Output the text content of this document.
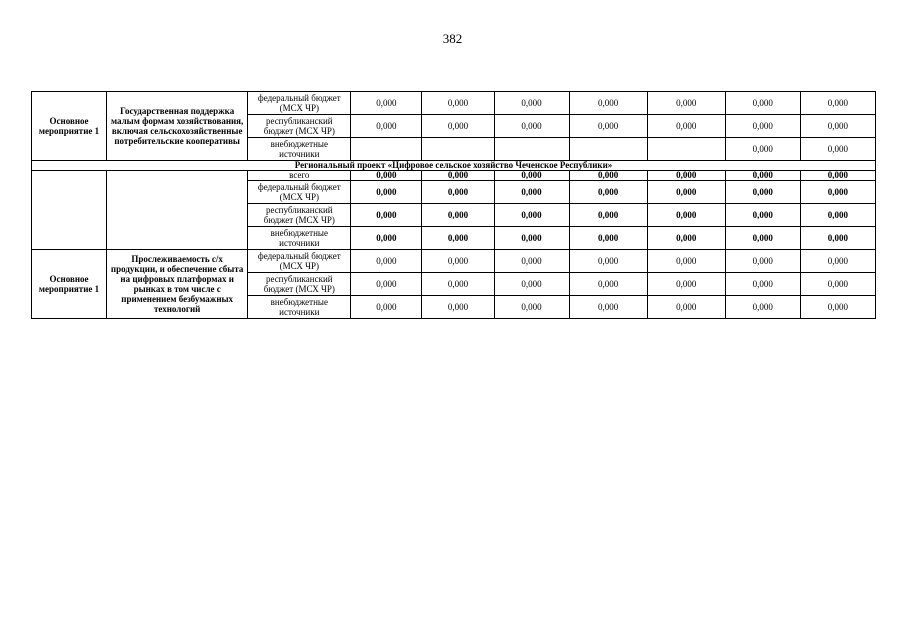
382
Основное мероприятие 1	Государственная поддержка малым формам хозяйствования, включая сельскохозяйственные потребительские кооперативы	федеральный бюджет (МСХ ЧР)	0,000	0,000	0,000	0,000	0,000	0,000	0,000
		республиканский бюджет (МСХ ЧР)	0,000	0,000	0,000	0,000	0,000	0,000	0,000
		внебюджетные источники						0,000	0,000
Региональный проект «Цифровое сельское хозяйство Чеченское Республики»									
		всего	0,000	0,000	0,000	0,000	0,000	0,000	0,000
		федеральный бюджет (МСХ ЧР)	0,000	0,000	0,000	0,000	0,000	0,000	0,000
		республиканский бюджет (МСХ ЧР)	0,000	0,000	0,000	0,000	0,000	0,000	0,000
		внебюджетные источники	0,000	0,000	0,000	0,000	0,000	0,000	0,000
Основное мероприятие 1	Прослеживаемость с/х продукции, и обеспечение сбыта на цифровых платформах и рынках в том числе с применением безбумажных технологий	федеральный бюджет (МСХ ЧР)	0,000	0,000	0,000	0,000	0,000	0,000	0,000
		республиканский бюджет (МСХ ЧР)	0,000	0,000	0,000	0,000	0,000	0,000	0,000
		внебюджетные источники	0,000	0,000	0,000	0,000	0,000	0,000	0,000
